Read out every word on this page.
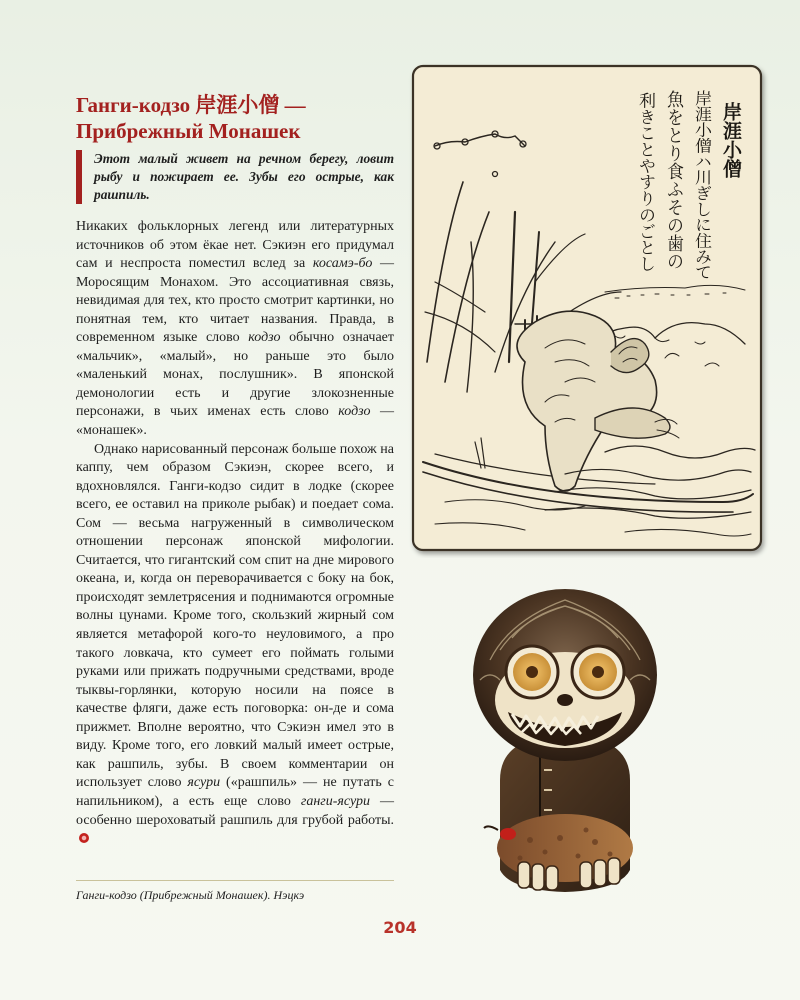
Ганги-кодзо 岸涯小僧 —
Прибрежный Монашек
Этот малый живет на речном берегу, ловит рыбу и пожирает ее. Зубы его острые, как рашпиль.

Никаких фольклорных легенд или литературных источников об этом ёкае нет. Сэкиэн его придумал сам и неспроста поместил вслед за косамэ-бо — Моросящим Монахом. Это ассоциативная связь, невидимая для тех, кто просто смотрит картинки, но понятная тем, кто читает названия. Правда, в современном языке слово кодзо обычно означает «мальчик», «малый», но раньше это было «маленький монах, послушник». В японской демонологии есть и другие злокозненные персонажи, в чьих именах есть слово кодзо — «монашек».

Однако нарисованный персонаж больше похож на каппу, чем образом Сэкиэн, скорее всего, и вдохновлялся. Ганги-кодзо сидит в лодке (скорее всего, ее оставил на приколе рыбак) и поедает сома. Сом — весьма нагруженный в символическом отношении персонаж японской мифологии. Считается, что гигантский сом спит на дне мирового океана, и, когда он переворачивается с боку на бок, происходят землетрясения и поднимаются огромные волны цунами. Кроме того, скользкий жирный сом является метафорой кого-то неуловимого, а про такого ловкача, кто сумеет его поймать голыми руками или прижать подручными средствами, вроде тыквы-горлянки, которую носили на поясе в качестве фляги, даже есть поговорка: он-де и сома прижмет. Вполне вероятно, что Сэкиэн имел это в виду. Кроме того, его ловкий малый имеет острые, как рашпиль, зубы. В своем комментарии он использует слово ясури («рашпиль» — не путать с напильником), а есть еще слово ганги-ясури — особенно шероховатый рашпиль для грубой работы.

Ганги-кодзо (Прибрежный Монашек). Нэцкэ
204
岸涯小僧
岸涯小僧ハ川ぎしに住みて
魚をとり食ふその歯の
利きことやすりのごとし
